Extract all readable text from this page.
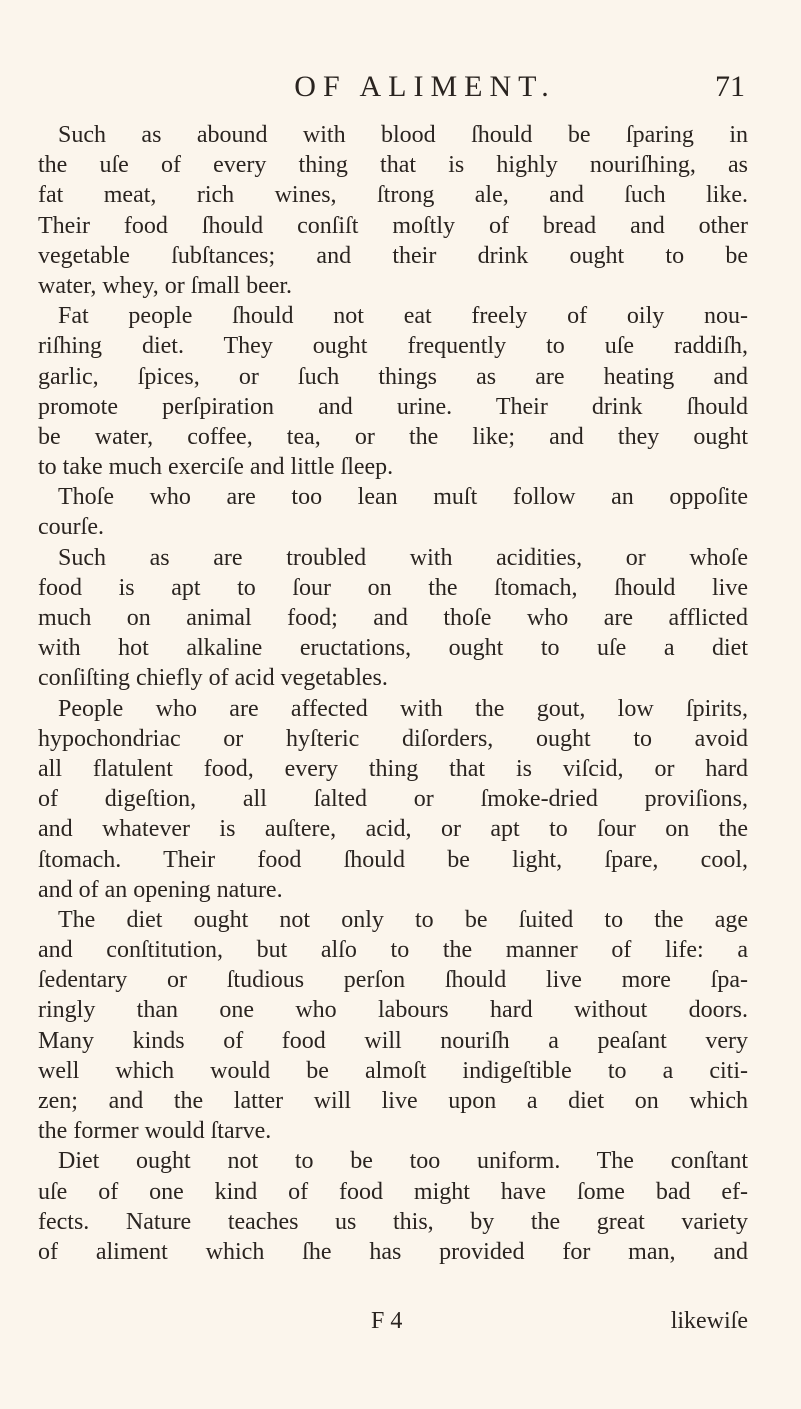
OF ALIMENT.	71
Such as abound with blood ſhould be ſparing in
the uſe of every thing that is highly nouriſhing, as
fat meat, rich wines, ſtrong ale, and ſuch like.
Their food ſhould conſiſt moſtly of bread and other
vegetable ſubſtances; and their drink ought to be
water, whey, or ſmall beer.
Fat people ſhould not eat freely of oily nou-
riſhing diet. They ought frequently to uſe raddiſh,
garlic, ſpices, or ſuch things as are heating and
promote perſpiration and urine. Their drink ſhould
be water, coffee, tea, or the like; and they ought
to take much exerciſe and little ſleep.
Thoſe who are too lean muſt follow an oppoſite
courſe.
Such as are troubled with acidities, or whoſe
food is apt to ſour on the ſtomach, ſhould live
much on animal food; and thoſe who are afflicted
with hot alkaline eructations, ought to uſe a diet
conſiſting chiefly of acid vegetables.
People who are affected with the gout, low ſpirits,
hypochondriac or hyſteric diſorders, ought to avoid
all flatulent food, every thing that is viſcid, or hard
of digeſtion, all ſalted or ſmoke-dried proviſions,
and whatever is auſtere, acid, or apt to ſour on the
ſtomach. Their food ſhould be light, ſpare, cool,
and of an opening nature.
The diet ought not only to be ſuited to the age
and conſtitution, but alſo to the manner of life: a
ſedentary or ſtudious perſon ſhould live more ſpa-
ringly than one who labours hard without doors.
Many kinds of food will nouriſh a peaſant very
well which would be almoſt indigeſtible to a citi-
zen; and the latter will live upon a diet on which
the former would ſtarve.
Diet ought not to be too uniform. The conſtant
uſe of one kind of food might have ſome bad ef-
fects. Nature teaches us this, by the great variety
of aliment which ſhe has provided for man, and
F 4	likewiſe
